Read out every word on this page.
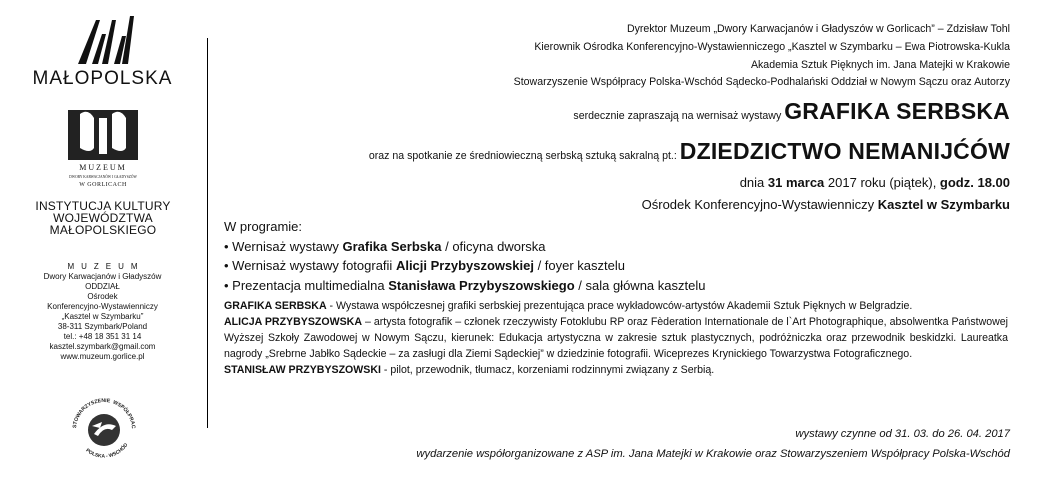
MAŁOPOLSKA
MUZEUM
DWORY KARWACJANÓW I GŁADYSZÓW
W GORLICACH
INSTYTUCJA KULTURY
WOJEWÓDZTWA
MAŁOPOLSKIEGO
MUZEUM
Dwory Karwacjanów i Gładyszów
ODDZIAŁ
Ośrodek
Konferencyjno-Wystawienniczy
„Kasztel w Szymbarku”
38-311 Szymbark/Poland
tel.: +48 18 351 31 14
kasztel.szymbark@gmail.com
www.muzeum.gorlice.pl
STOWARZYSZENIE WSPÓŁPRAC
POLSKA - WSCHÓD
Dyrektor Muzeum „Dwory Karwacjanów i Gładyszów w Gorlicach” – Zdzisław Tohl
Kierownik Ośrodka Konferencyjno-Wystawienniczego „Kasztel w Szymbarku – Ewa Piotrowska-Kukla
Akademia Sztuk Pięknych im. Jana Matejki w Krakowie
Stowarzyszenie Współpracy Polska-Wschód Sądecko-Podhalański Oddział w Nowym Sączu oraz Autorzy
serdecznie zapraszają na wernisaż wystawy GRAFIKA SERBSKA
oraz na spotkanie ze średniowieczną serbską sztuką sakralną pt.: DZIEDZICTWO NEMANIJĆÓW
dnia 31 marca 2017 roku (piątek), godz. 18.00
Ośrodek Konferencyjno-Wystawienniczy Kasztel w Szymbarku
W programie:
• Wernisaż wystawy Grafika Serbska / oficyna dworska
• Wernisaż wystawy fotografii Alicji Przybyszowskiej / foyer kasztelu
• Prezentacja multimedialna Stanisława Przybyszowskiego / sala główna kasztelu

GRAFIKA SERBSKA - Wystawa współczesnej grafiki serbskiej prezentująca prace wykładowców-artystów Akademii Sztuk Pięknych w Belgradzie.

ALICJA PRZYBYSZOWSKA – artysta fotografik – członek rzeczywisty Fotoklubu RP oraz Fèderation Internationale de l`Art Photographique, absolwentka Państwowej Wyższej Szkoły Zawodowej w Nowym Sączu, kierunek: Edukacja artystyczna w zakresie sztuk plastycznych, podróżniczka oraz przewodnik beskidzki. Laureatka nagrody „Srebrne Jabłko Sądeckie – za zasługi dla Ziemi Sądeckiej” w dziedzinie fotografii. Wiceprezes Krynickiego Towarzystwa Fotograficznego.

STANISŁAW PRZYBYSZOWSKI - pilot, przewodnik, tłumacz, korzeniami rodzinnymi związany z Serbią.

wystawy czynne od 31. 03. do 26. 04. 2017
wydarzenie współorganizowane z ASP im. Jana Matejki w Krakowie oraz Stowarzyszeniem Współpracy Polska-Wschód
